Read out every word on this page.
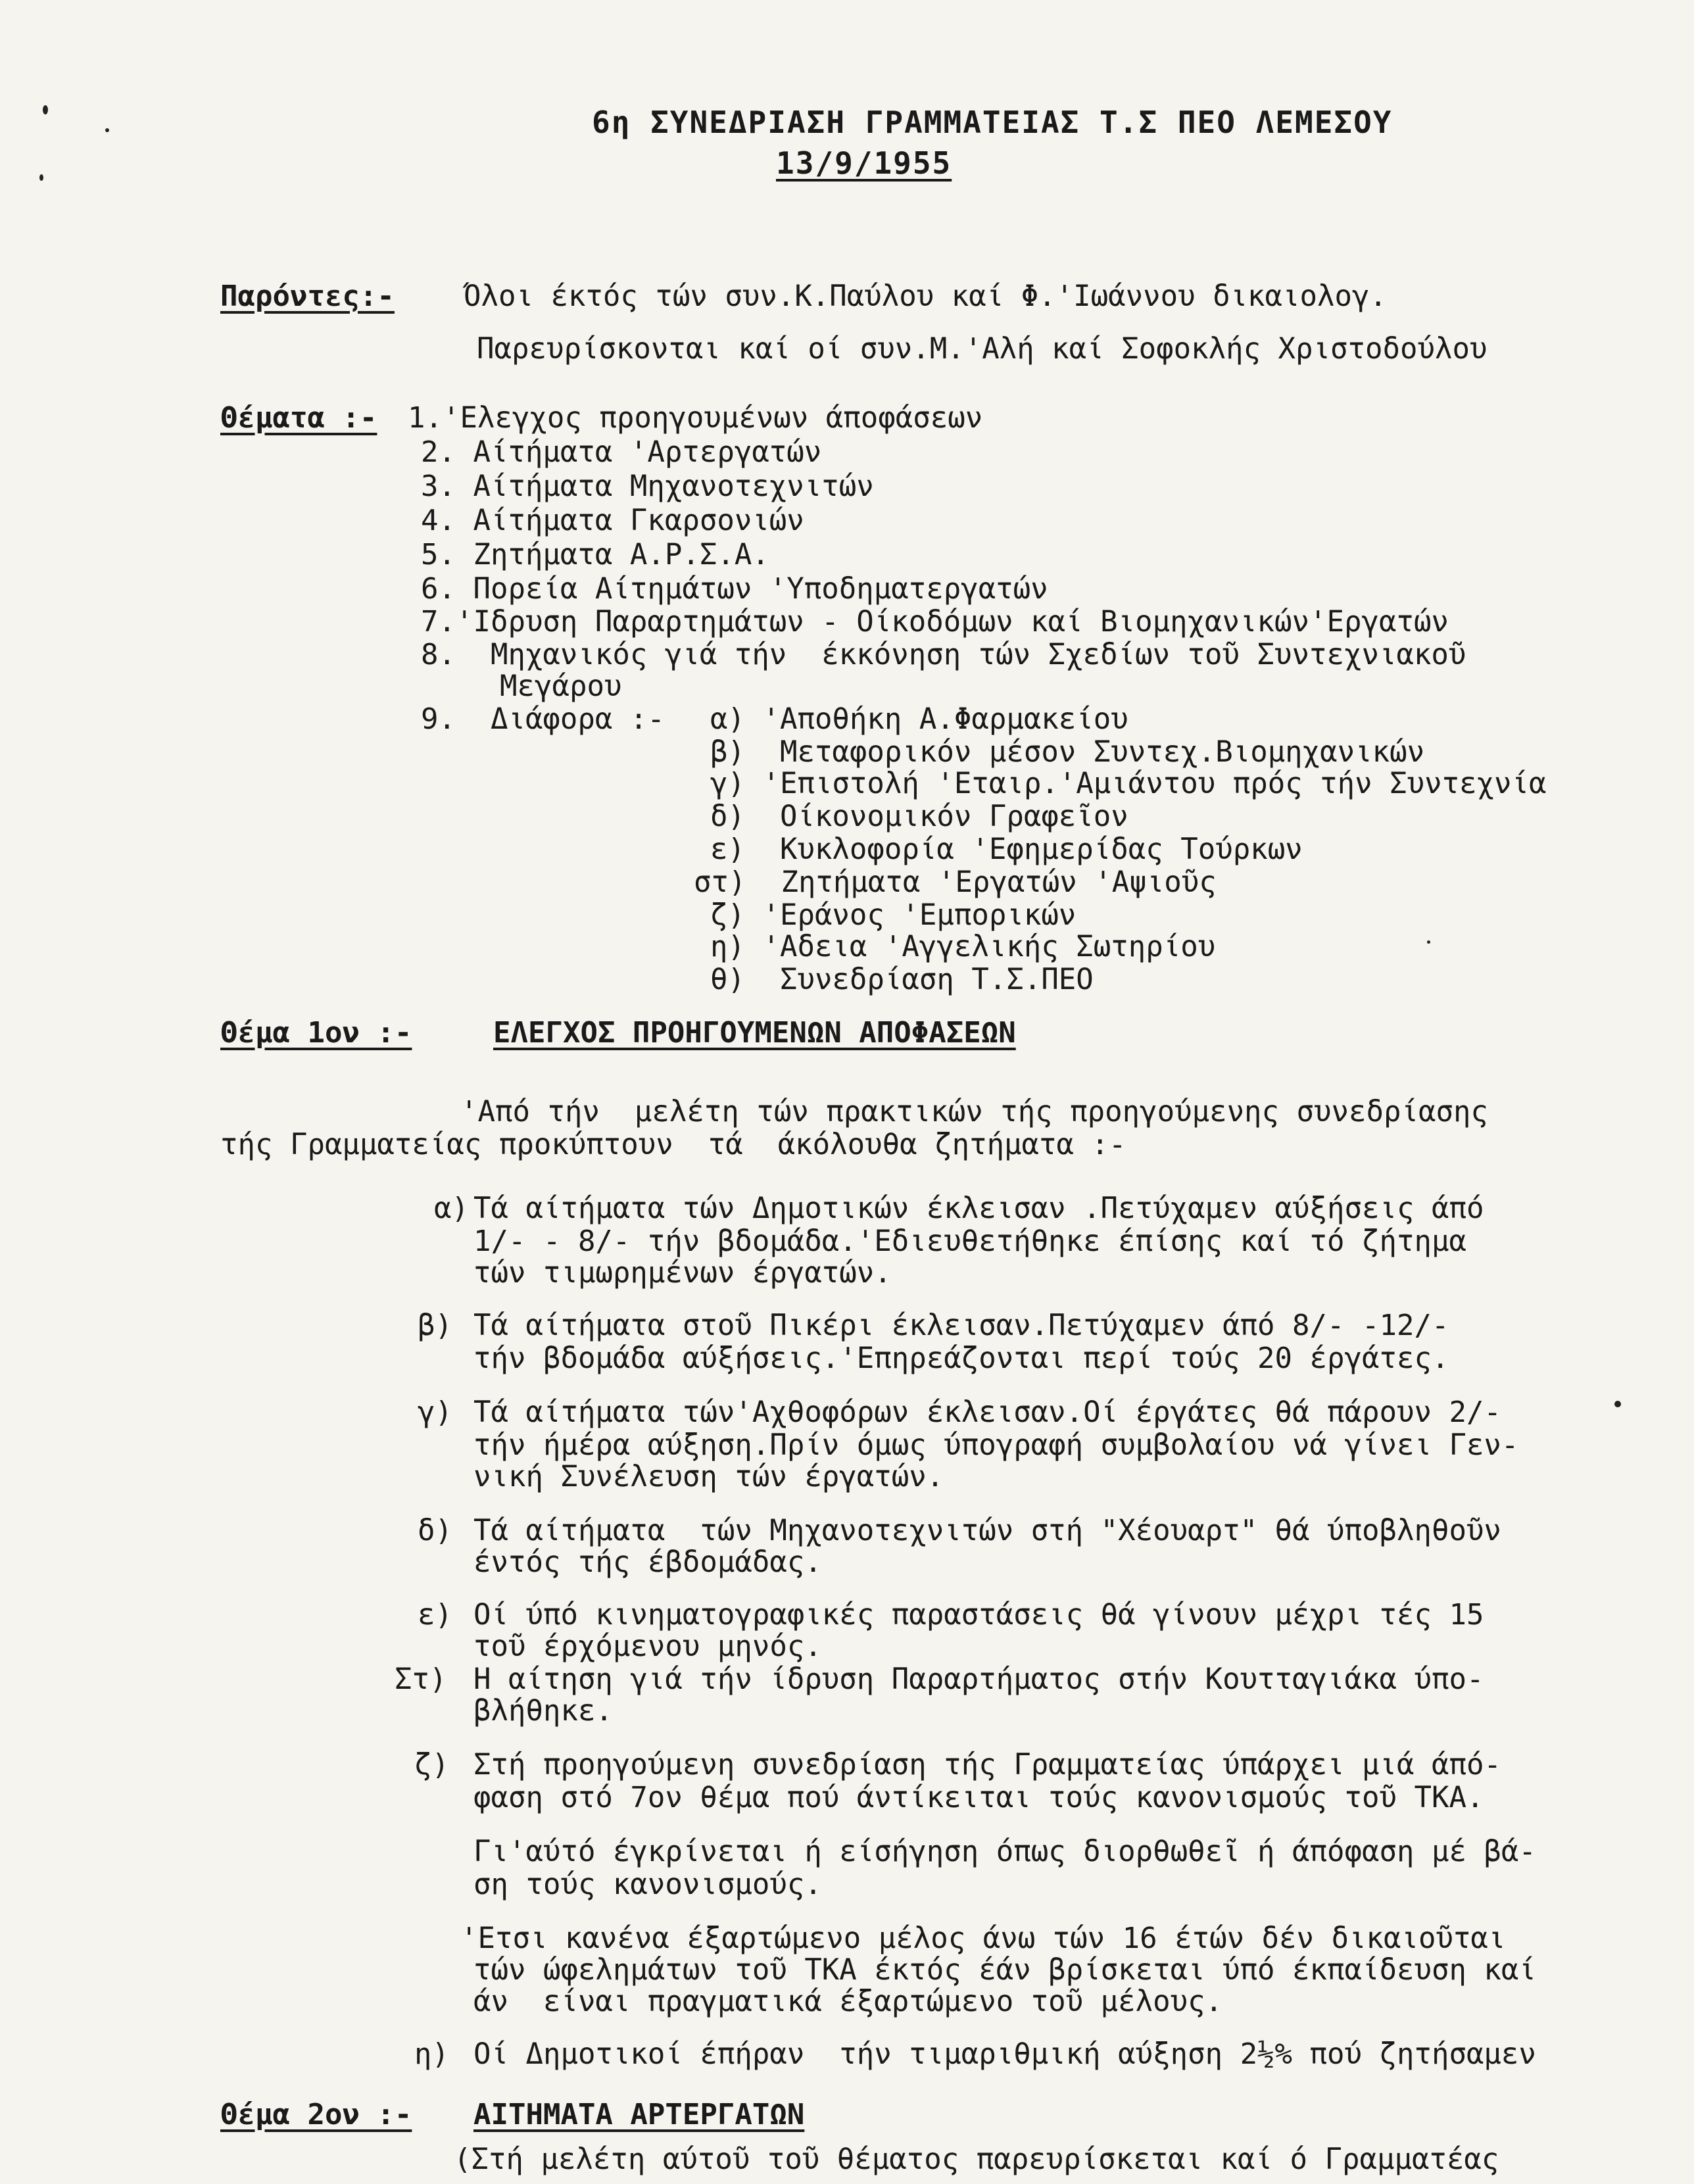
6η ΣΥΝΕΔΡΙΑΣΗ ΓΡΑΜΜΑΤΕΙΑΣ Τ.Σ ΠΕΟ ΛΕΜΕΣΟΥ
13/9/1955
Παρόντες:- Όλοι έκτός τών συν.Κ.Παύλου καί Φ.'Ιωάννου δικαιολογ.
Παρευρίσκονται καί οί συν.Μ.'Αλή καί Σοφοκλής Χριστοδούλου
Θέματα :- 1.'Ελεγχος προηγουμένων άποφάσεων
2. Αίτήματα 'Αρτεργατών
3. Αίτήματα Μηχανοτεχνιτών
4. Αίτήματα Γκαρσονιών
5. Ζητήματα Α.Ρ.Σ.Α.
6. Πορεία Αίτημάτων 'Υποδηματεργατών
7.'Ιδρυση Παραρτημάτων - Οίκοδόμων καί Βιομηχανικών'Εργατών
8.  Μηχανικός γιά τήν  έκκόνηση τών Σχεδίων τοῦ Συντεχνιακοῦ
Μεγάρου
9.  Διάφορα :- α) 'Αποθήκη Α.Φαρμακείου
β)  Μεταφορικόν μέσον Συντεχ.Βιομηχανικών
γ) 'Επιστολή 'Εταιρ.'Αμιάντου πρός τήν Συντεχνία
δ)  Οίκονομικόν Γραφεῖον
ε)  Κυκλοφορία 'Εφημερίδας Τούρκων
στ)  Ζητήματα 'Εργατών 'Αψιοῦς
ζ) 'Εράνος 'Εμπορικών
η) 'Αδεια 'Αγγελικής Σωτηρίου
θ)  Συνεδρίαση Τ.Σ.ΠΕΟ
Θέμα 1ον :-	ΕΛΕΓΧΟΣ ΠΡΟΗΓΟΥΜΕΝΩΝ ΑΠΟΦΑΣΕΩΝ
'Από τήν  μελέτη τών πρακτικών τής προηγούμενης συνεδρίασης
τής Γραμματείας προκύπτουν  τά  άκόλουθα ζητήματα :-
α) Τά αίτήματα τών Δημοτικών έκλεισαν .Πετύχαμεν αύξήσεις άπό
1/- - 8/- τήν βδομάδα.'Εδιευθετήθηκε έπίσης καί τό ζήτημα
τών τιμωρημένων έργατών.
β) Τά αίτήματα στοῦ Πικέρι έκλεισαν.Πετύχαμεν άπό 8/- -12/-
τήν βδομάδα αύξήσεις.'Επηρεάζονται περί τούς 20 έργάτες.
γ) Τά αίτήματα τών'Αχθοφόρων έκλεισαν.Οί έργάτες θά πάρουν 2/-
τήν ήμέρα αύξηση.Πρίν όμως ύπογραφή συμβολαίου νά γίνει Γεν-
νική Συνέλευση τών έργατών.
δ) Τά αίτήματα  τών Μηχανοτεχνιτών στή "Χέουαρτ" θά ύποβληθοῦν
έντός τής έβδομάδας.
ε) Οί ύπό κινηματογραφικές παραστάσεις θά γίνουν μέχρι τές 15
τοῦ έρχόμενου μηνός.
Στ) Η αίτηση γιά τήν ίδρυση Παραρτήματος στήν Κουτταγιάκα ύπο-
βλήθηκε.
ζ) Στή προηγούμενη συνεδρίαση τής Γραμματείας ύπάρχει μιά άπό-
φαση στό 7ον θέμα πού άντίκειται τούς κανονισμούς τοῦ ΤΚΑ.
Γι'αύτό έγκρίνεται ή είσήγηση όπως διορθωθεῖ ή άπόφαση μέ βά-
ση τούς κανονισμούς.
'Ετσι κανένα έξαρτώμενο μέλος άνω τών 16 έτών δέν δικαιοῦται
τών ώφελημάτων τοῦ ΤΚΑ έκτός έάν βρίσκεται ύπό έκπαίδευση καί
άν  είναι πραγματικά έξαρτώμενο τοῦ μέλους.
η) Οί Δημοτικοί έπήραν  τήν τιμαριθμική αύξηση 2½% πού ζητήσαμεν
Θέμα 2ον :- ΑΙΤΗΜΑΤΑ ΑΡΤΕΡΓΑΤΩΝ
(Στή μελέτη αύτοῦ τοῦ θέματος παρευρίσκεται καί ό Γραμματέας
